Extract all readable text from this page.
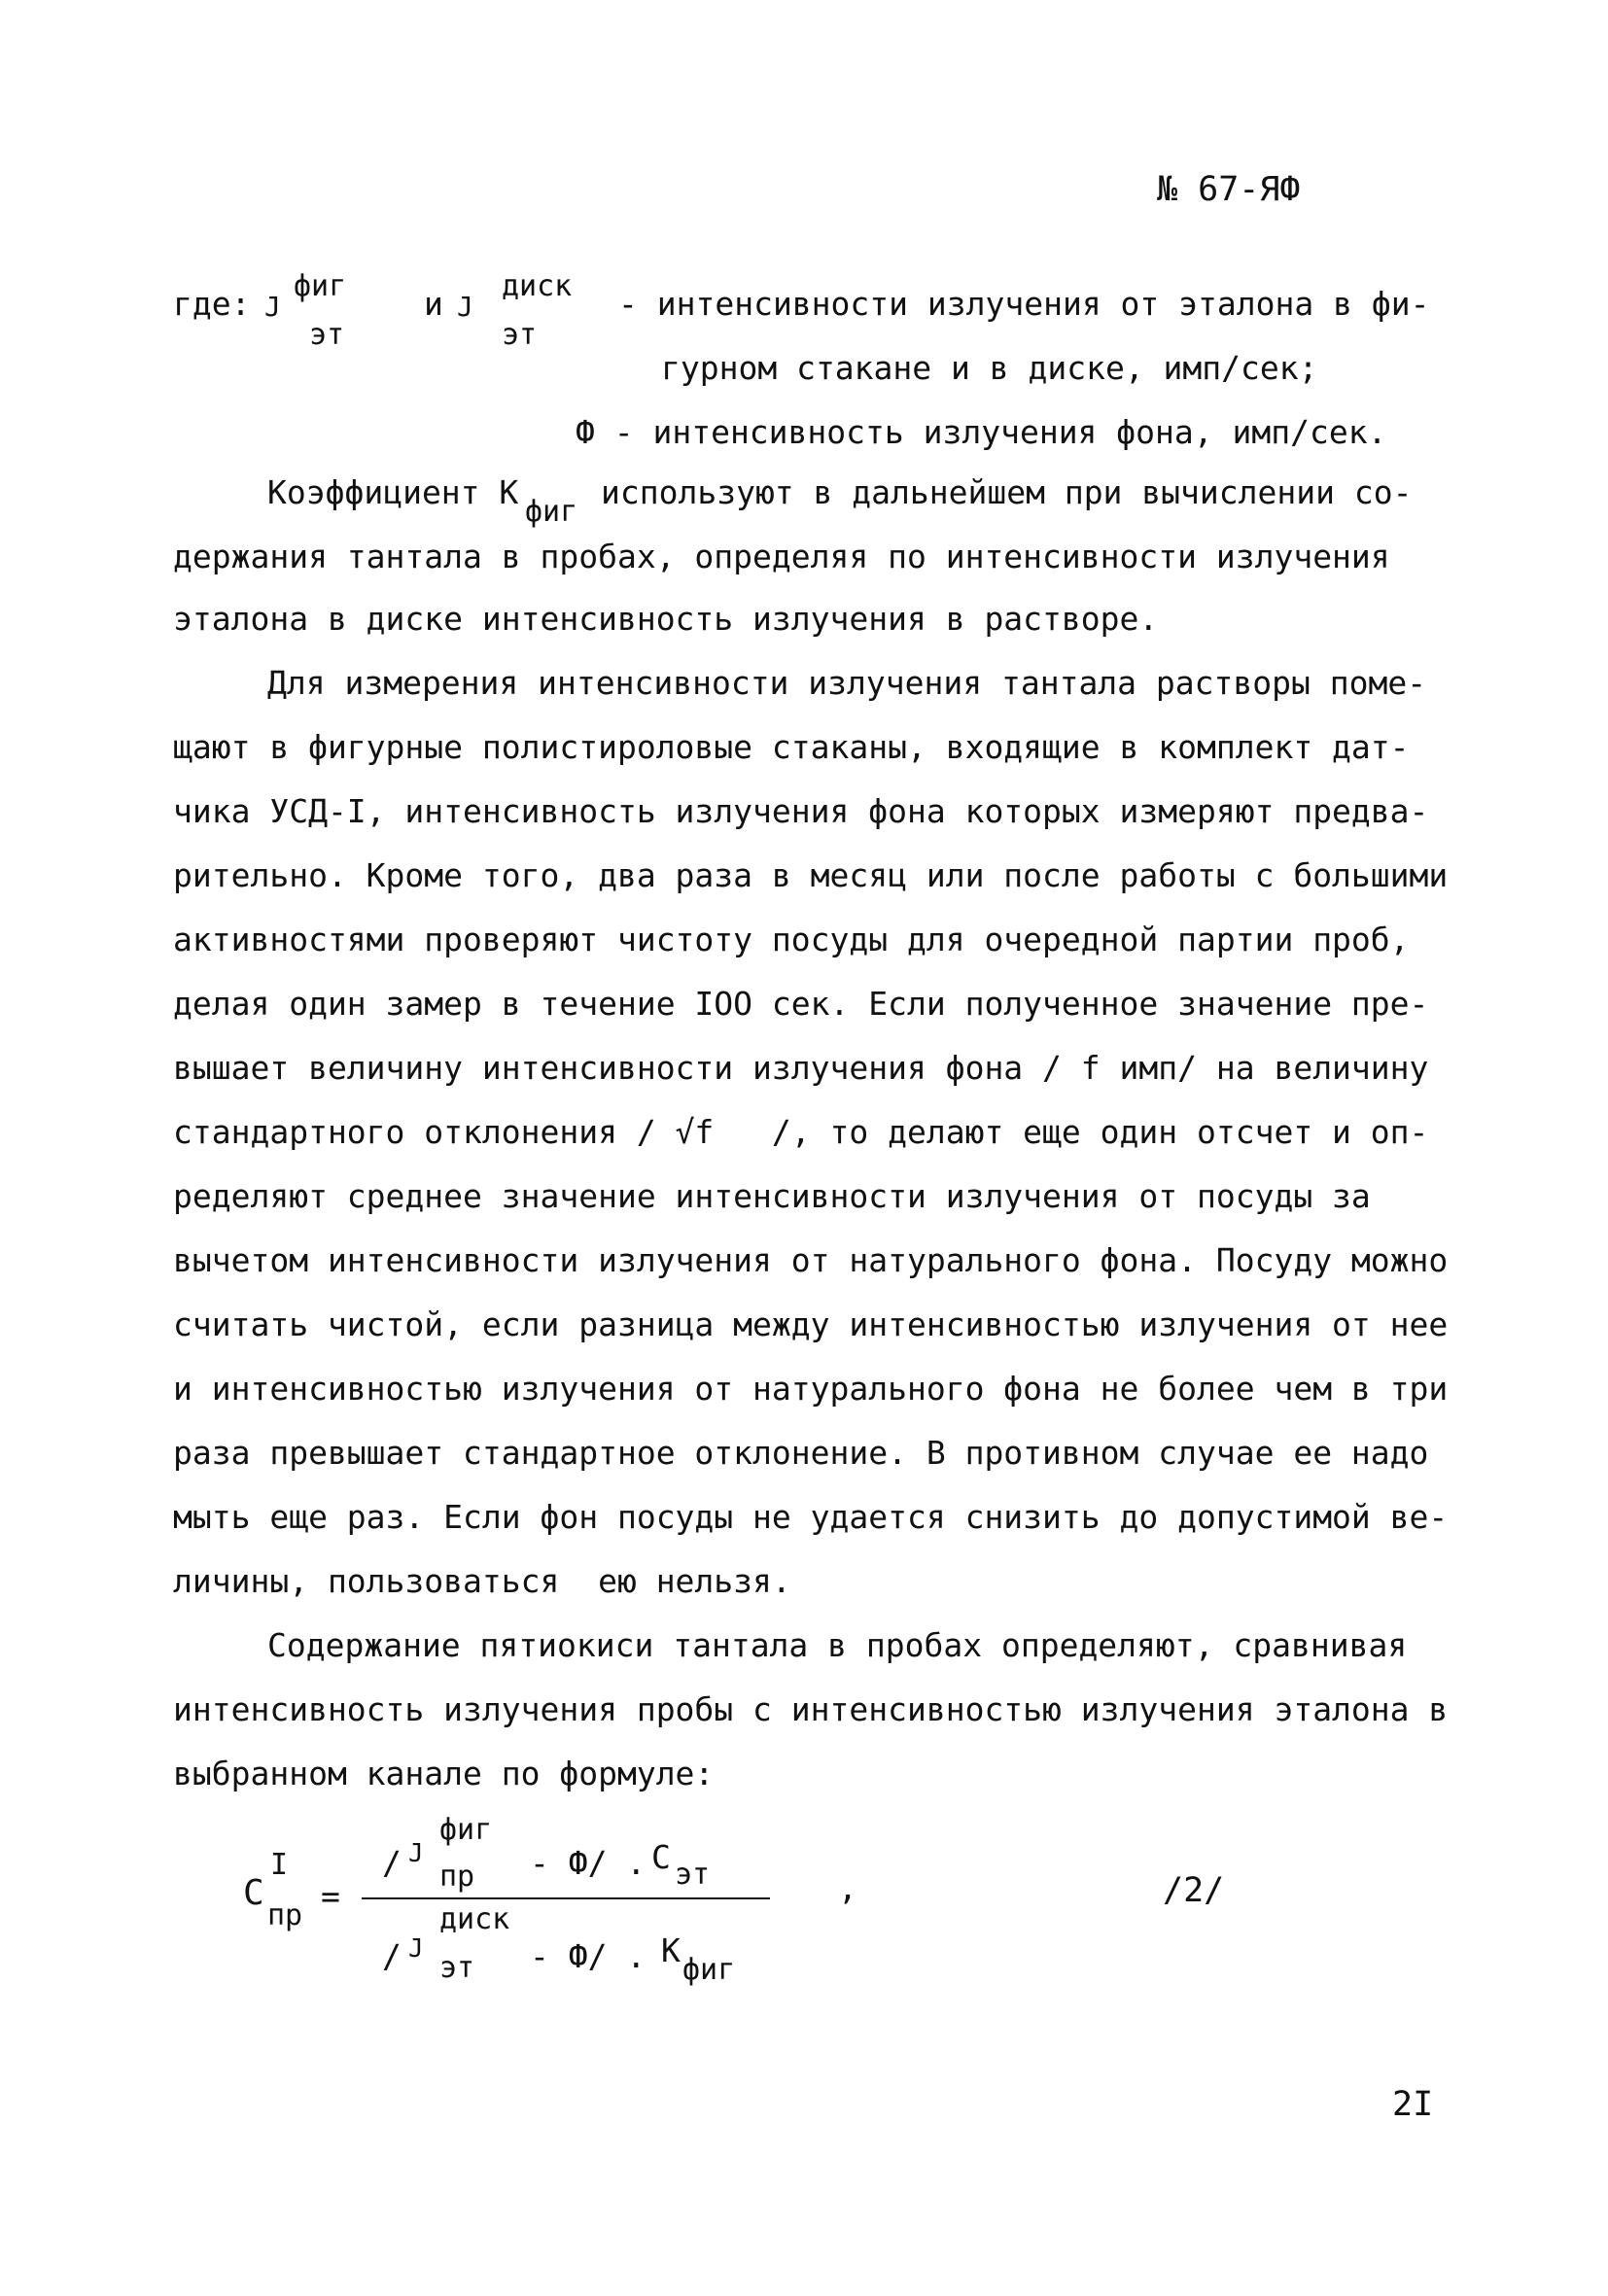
№ 67-ЯФ
где: J
фиг
эт
и J
диск
эт
- интенсивности излучения от эталона в фи-
гурном стакане и в диске, имп/сек;
Ф - интенсивность излучения фона, имп/сек.
Коэффициент К
фиг
используют в дальнейшем при вычислении со-
держания тантала в пробах, определяя по интенсивности излучения
эталона в диске интенсивность излучения в растворе.
Для измерения интенсивности излучения тантала растворы поме-
щают в фигурные полистироловые стаканы, входящие в комплект дат-
чика УСД-I, интенсивность излучения фона которых измеряют предва-
рительно. Кроме того, два раза в месяц или после работы с большими
активностями проверяют чистоту посуды для очередной партии проб,
делая один замер в течение IOO сек. Если полученное значение пре-
вышает величину интенсивности излучения фона / f имп/ на величину
стандартного отклонения / √f   /, то делают еще один отсчет и оп-
ределяют среднее значение интенсивности излучения от посуды за
вычетом интенсивности излучения от натурального фона. Посуду можно
считать чистой, если разница между интенсивностью излучения от нее
и интенсивностью излучения от натурального фона не более чем в три
раза превышает стандартное отклонение. В противном случае ее надо
мыть еще раз. Если фон посуды не удается снизить до допустимой ве-
личины, пользоваться  ею нельзя.
Содержание пятиокиси тантала в пробах определяют, сравнивая
интенсивность излучения пробы с интенсивностью излучения эталона в
выбранном канале по формуле:
C
I
пр
=
/ J
фиг
пр - Ф/ . C эт
/ J
диск
эт - Ф/ . К
фиг
,	/2/
2I
